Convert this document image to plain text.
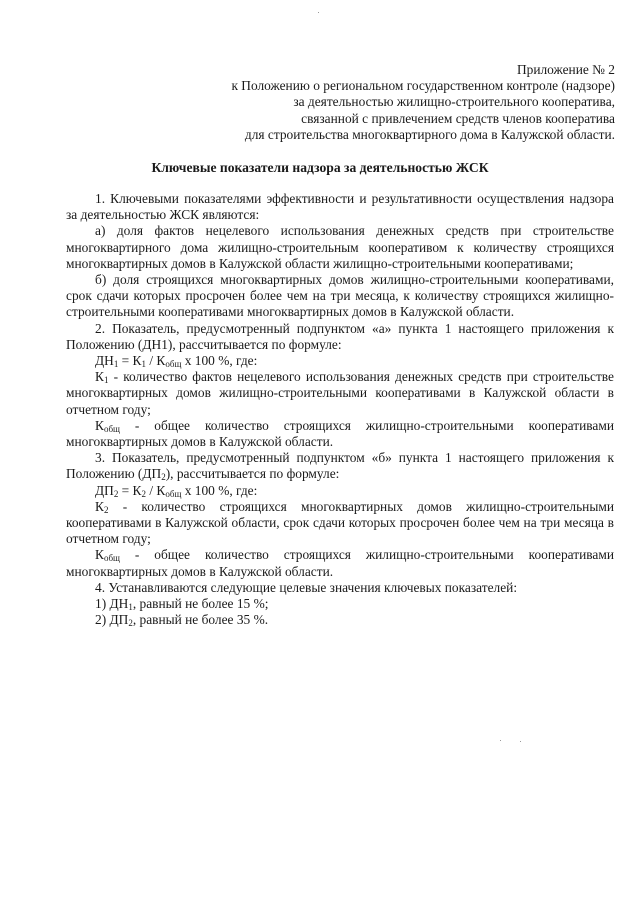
Приложение № 2
к Положению о региональном государственном контроле (надзоре)
за деятельностью жилищно-строительного кооператива,
связанной с привлечением средств членов кооператива
для строительства многоквартирного дома в Калужской области.
Ключевые показатели надзора за деятельностью ЖСК

1. Ключевыми показателями эффективности и результативности осуществления надзора за деятельностью ЖСК являются:

а) доля фактов нецелевого использования денежных средств при строительстве многоквартирного дома жилищно-строительным кооперативом к количеству строящихся многоквартирных домов в Калужской области жилищно-строительными кооперативами;

б) доля строящихся многоквартирных домов жилищно-строительными кооперативами, срок сдачи которых просрочен более чем на три месяца, к количеству строящихся жилищно-строительными кооперативами многоквартирных домов в Калужской области.

2. Показатель, предусмотренный подпунктом «а» пункта 1 настоящего приложения к Положению (ДН1), рассчитывается по формуле:

$ДН_1 = К_1 / К_{общ}$ x 100 %, где:

$К_1$ - количество фактов нецелевого использования денежных средств при строительстве многоквартирных домов жилищно-строительными кооперативами в Калужской области в отчетном году;

$К_{общ}$ - общее количество строящихся жилищно-строительными кооперативами многоквартирных домов в Калужской области.

3. Показатель, предусмотренный подпунктом «б» пункта 1 настоящего приложения к Положению $(ДП_2)$, рассчитывается по формуле:

$ДП_2 = К_2 / К_{общ}$ x 100 %, где:

$К_2$ - количество строящихся многоквартирных домов жилищно-строительными кооперативами в Калужской области, срок сдачи которых просрочен более чем на три месяца в отчетном году;

$К_{общ}$ - общее количество строящихся жилищно-строительными кооперативами многоквартирных домов в Калужской области.

4. Устанавливаются следующие целевые значения ключевых показателей:

1) $ДН_1$, равный не более 15 %;

2) $ДП_2$, равный не более 35 %.
